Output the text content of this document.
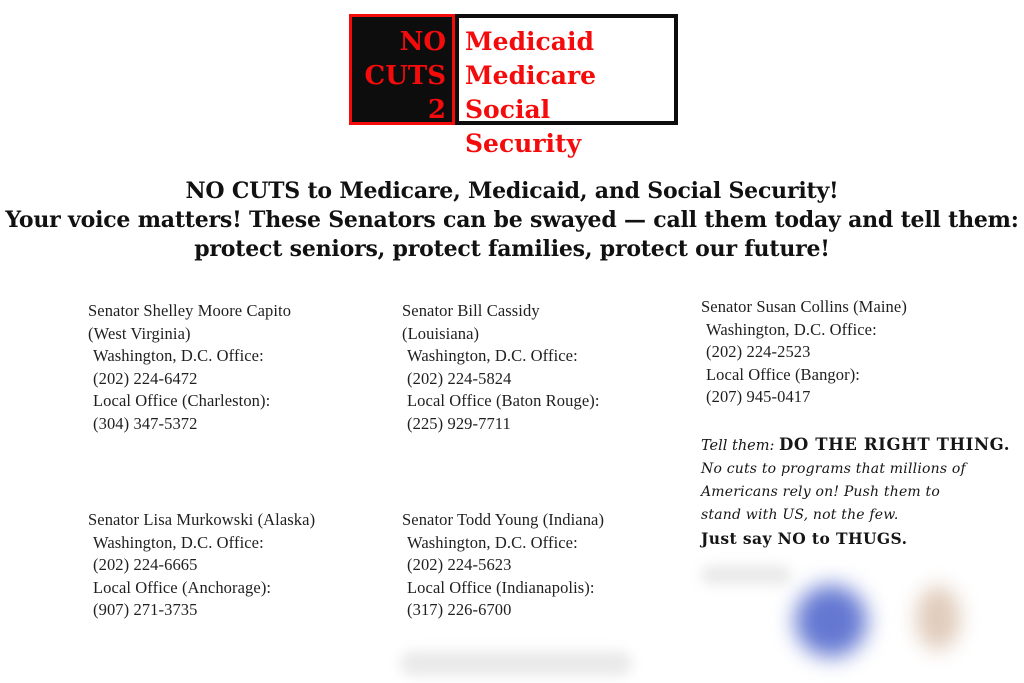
NO
CUTS
2
Medicaid
Medicare
Social Security
NO CUTS to Medicare, Medicaid, and Social Security!
Your voice matters! These Senators can be swayed — call them today and tell them:
protect seniors, protect families, protect our future!
Senator Shelley Moore Capito
(West Virginia)
Washington, D.C. Office:
(202) 224-6472
Local Office (Charleston):
(304) 347-5372
Senator Bill Cassidy
(Louisiana)
Washington, D.C. Office:
(202) 224-5824
Local Office (Baton Rouge):
(225) 929-7711
Senator Susan Collins (Maine)
Washington, D.C. Office:
(202) 224-2523
Local Office (Bangor):
(207) 945-0417
Senator Lisa Murkowski (Alaska)
Washington, D.C. Office:
(202) 224-6665
Local Office (Anchorage):
(907) 271-3735
Senator Todd Young (Indiana)
Washington, D.C. Office:
(202) 224-5623
Local Office (Indianapolis):
(317) 226-6700
Tell them: DO THE RIGHT THING.
No cuts to programs that millions of
Americans rely on! Push them to
stand with US, not the few.
Just say NO to THUGS.
